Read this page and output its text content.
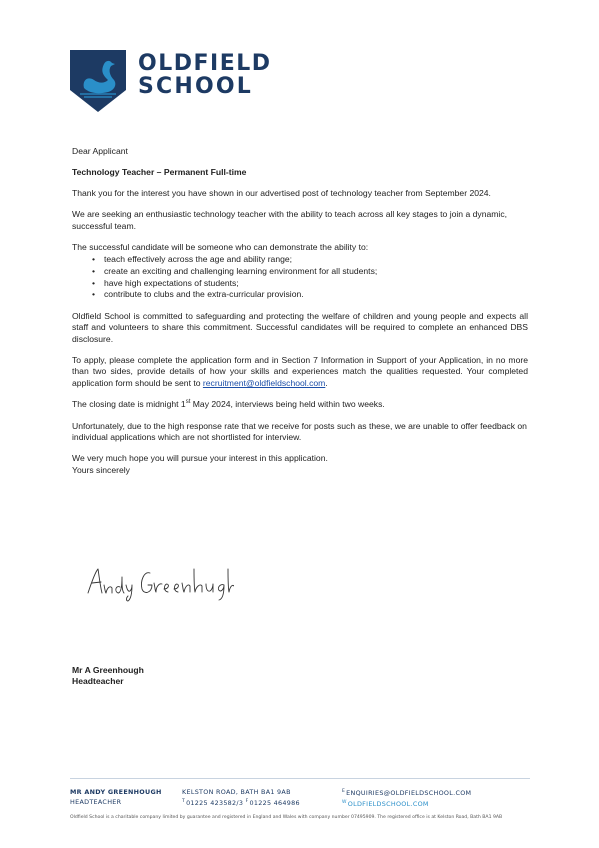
OLDFIELD
SCHOOL

Dear Applicant

Technology Teacher – Permanent Full-time

Thank you for the interest you have shown in our advertised post of technology teacher from September 2024.

We are seeking an enthusiastic technology teacher with the ability to teach across all key stages to join a dynamic, successful team.

The successful candidate will be someone who can demonstrate the ability to:

• teach effectively across the age and ability range;
• create an exciting and challenging learning environment for all students;
• have high expectations of students;
• contribute to clubs and the extra-curricular provision.

Oldfield School is committed to safeguarding and protecting the welfare of children and young people and expects all staff and volunteers to share this commitment. Successful candidates will be required to complete an enhanced DBS disclosure.

To apply, please complete the application form and in Section 7 Information in Support of your Application, in no more than two sides, provide details of how your skills and experiences match the qualities requested. Your completed application form should be sent to recruitment@oldfieldschool.com.

The closing date is midnight 1st May 2024, interviews being held within two weeks.

Unfortunately, due to the high response rate that we receive for posts such as these, we are unable to offer feedback on individual applications which are not shortlisted for interview.

We very much hope you will pursue your interest in this application.

Yours sincerely

Mr A Greenhough
Headteacher
MR ANDY GREENHOUGH
HEADTEACHER
KELSTON ROAD, BATH BA1 9AB
$^T$01225 423582/3 $^F$01225 464986
$^E$ENQUIRIES@OLDFIELDSCHOOL.COM
$^W$OLDFIELDSCHOOL.COM
Oldfield School is a charitable company limited by guarantee and registered in England and Wales with company number 07495909. The registered office is at Kelston Road, Bath BA1 9AB
